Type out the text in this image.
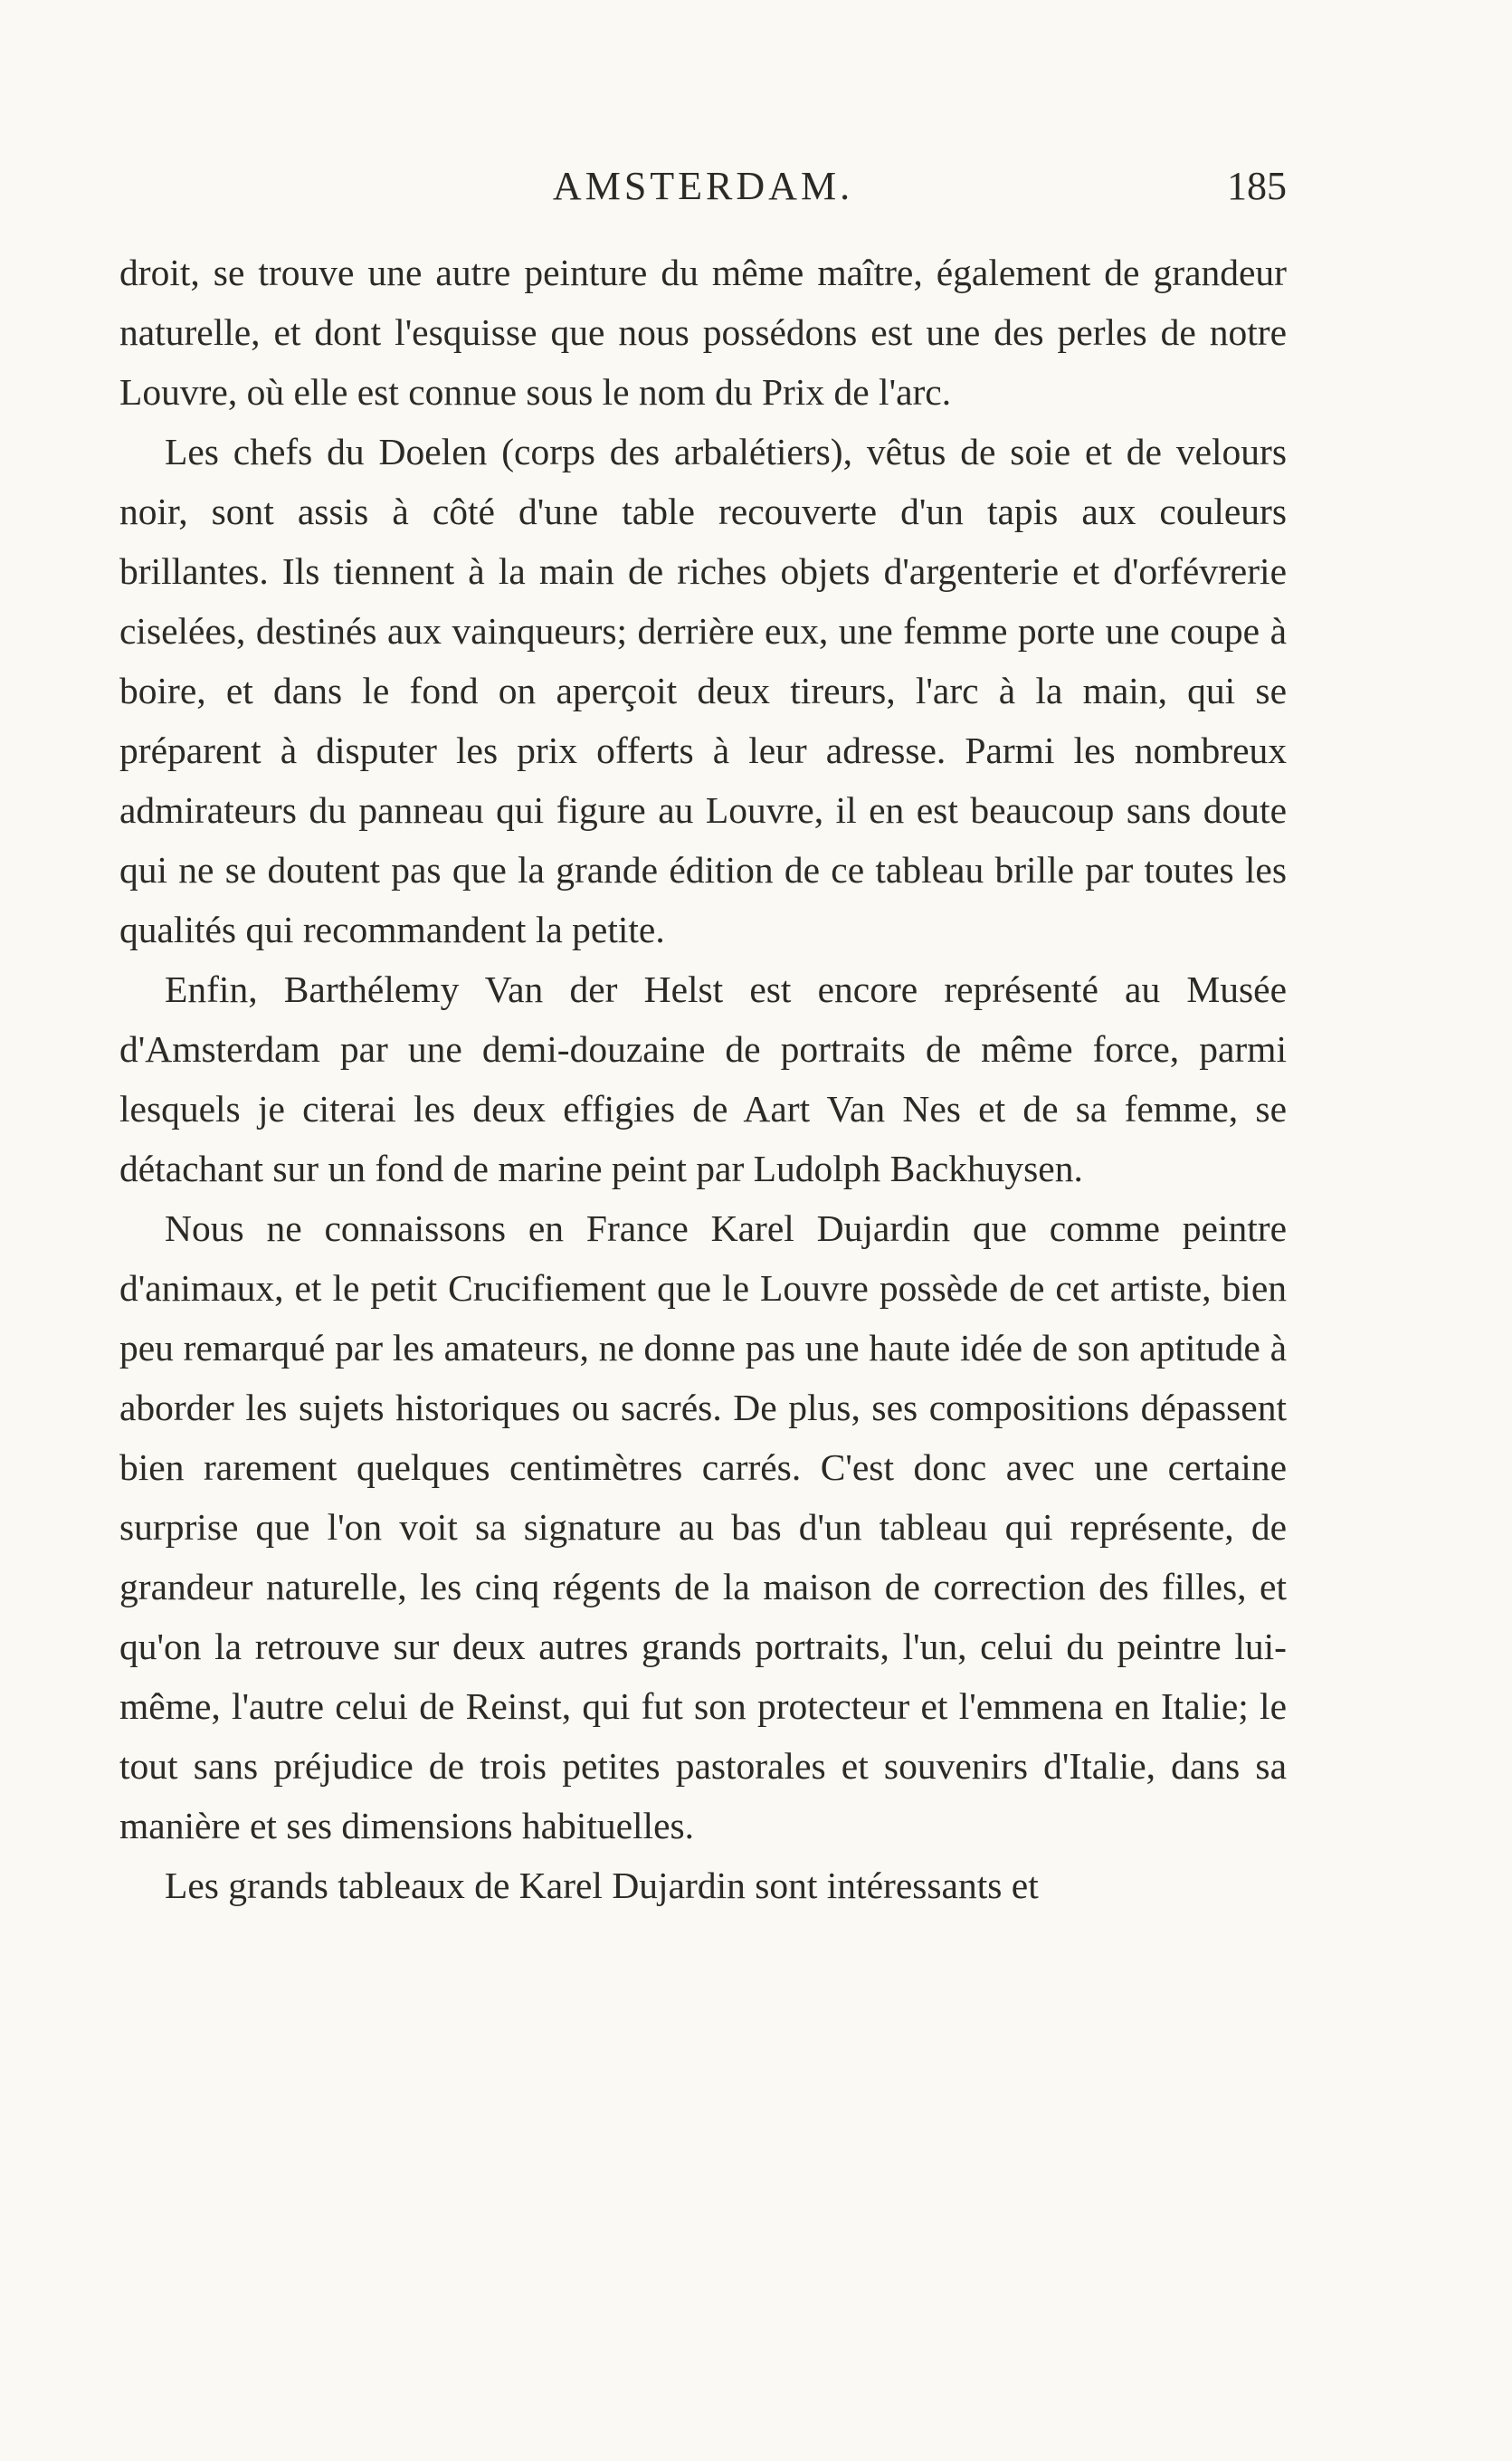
AMSTERDAM.	185

droit, se trouve une autre peinture du même maître, également de grandeur naturelle, et dont l'esquisse que nous possédons est une des perles de notre Louvre, où elle est connue sous le nom du Prix de l'arc.

Les chefs du Doelen (corps des arbalétiers), vêtus de soie et de velours noir, sont assis à côté d'une table recouverte d'un tapis aux couleurs brillantes. Ils tiennent à la main de riches objets d'argenterie et d'orfévrerie ciselées, destinés aux vainqueurs; derrière eux, une femme porte une coupe à boire, et dans le fond on aperçoit deux tireurs, l'arc à la main, qui se préparent à disputer les prix offerts à leur adresse. Parmi les nombreux admirateurs du panneau qui figure au Louvre, il en est beaucoup sans doute qui ne se doutent pas que la grande édition de ce tableau brille par toutes les qualités qui recommandent la petite.

Enfin, Barthélemy Van der Helst est encore représenté au Musée d'Amsterdam par une demi-douzaine de portraits de même force, parmi lesquels je citerai les deux effigies de Aart Van Nes et de sa femme, se détachant sur un fond de marine peint par Ludolph Backhuysen.

Nous ne connaissons en France Karel Dujardin que comme peintre d'animaux, et le petit Crucifiement que le Louvre possède de cet artiste, bien peu remarqué par les amateurs, ne donne pas une haute idée de son aptitude à aborder les sujets historiques ou sacrés. De plus, ses compositions dépassent bien rarement quelques centimètres carrés. C'est donc avec une certaine surprise que l'on voit sa signature au bas d'un tableau qui représente, de grandeur naturelle, les cinq régents de la maison de correction des filles, et qu'on la retrouve sur deux autres grands portraits, l'un, celui du peintre lui-même, l'autre celui de Reinst, qui fut son protecteur et l'emmena en Italie; le tout sans préjudice de trois petites pastorales et souvenirs d'Italie, dans sa manière et ses dimensions habituelles.

Les grands tableaux de Karel Dujardin sont intéressants et
